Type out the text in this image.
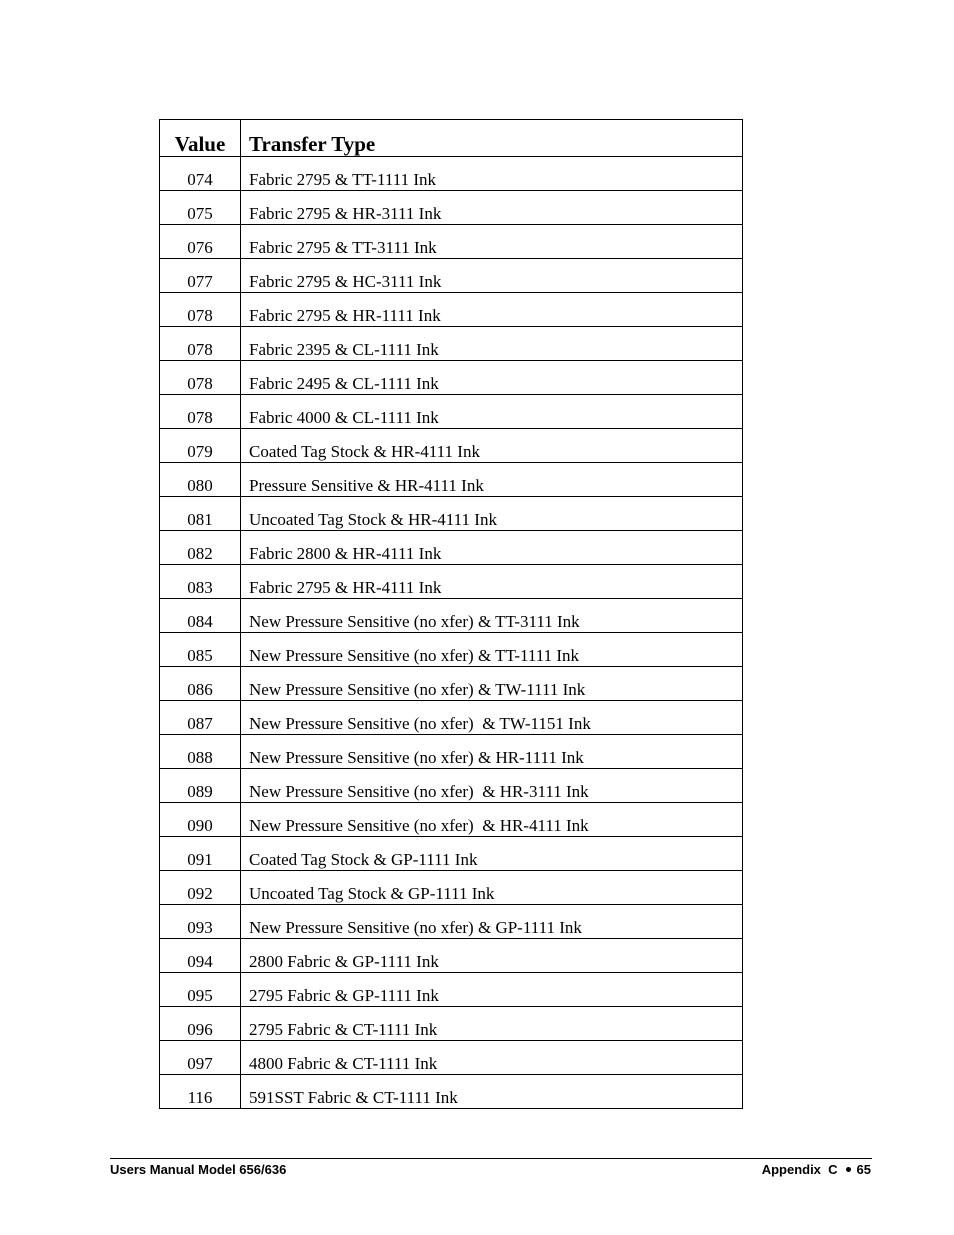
Value	Transfer Type
074	Fabric 2795 & TT-1111 Ink
075	Fabric 2795 & HR-3111 Ink
076	Fabric 2795 & TT-3111 Ink
077	Fabric 2795 & HC-3111 Ink
078	Fabric 2795 & HR-1111 Ink
078	Fabric 2395 & CL-1111 Ink
078	Fabric 2495 & CL-1111 Ink
078	Fabric 4000 & CL-1111 Ink
079	Coated Tag Stock & HR-4111 Ink
080	Pressure Sensitive & HR-4111 Ink
081	Uncoated Tag Stock & HR-4111 Ink
082	Fabric 2800 & HR-4111 Ink
083	Fabric 2795 & HR-4111 Ink
084	New Pressure Sensitive (no xfer) & TT-3111 Ink
085	New Pressure Sensitive (no xfer) & TT-1111 Ink
086	New Pressure Sensitive (no xfer) & TW-1111 Ink
087	New Pressure Sensitive (no xfer)  & TW-1151 Ink
088	New Pressure Sensitive (no xfer) & HR-1111 Ink
089	New Pressure Sensitive (no xfer)  & HR-3111 Ink
090	New Pressure Sensitive (no xfer)  & HR-4111 Ink
091	Coated Tag Stock & GP-1111 Ink
092	Uncoated Tag Stock & GP-1111 Ink
093	New Pressure Sensitive (no xfer) & GP-1111 Ink
094	2800 Fabric & GP-1111 Ink
095	2795 Fabric & GP-1111 Ink
096	2795 Fabric & CT-1111 Ink
097	4800 Fabric & CT-1111 Ink
116	591SST Fabric & CT-1111 Ink
Users Manual Model 656/636	Appendix  C 65
